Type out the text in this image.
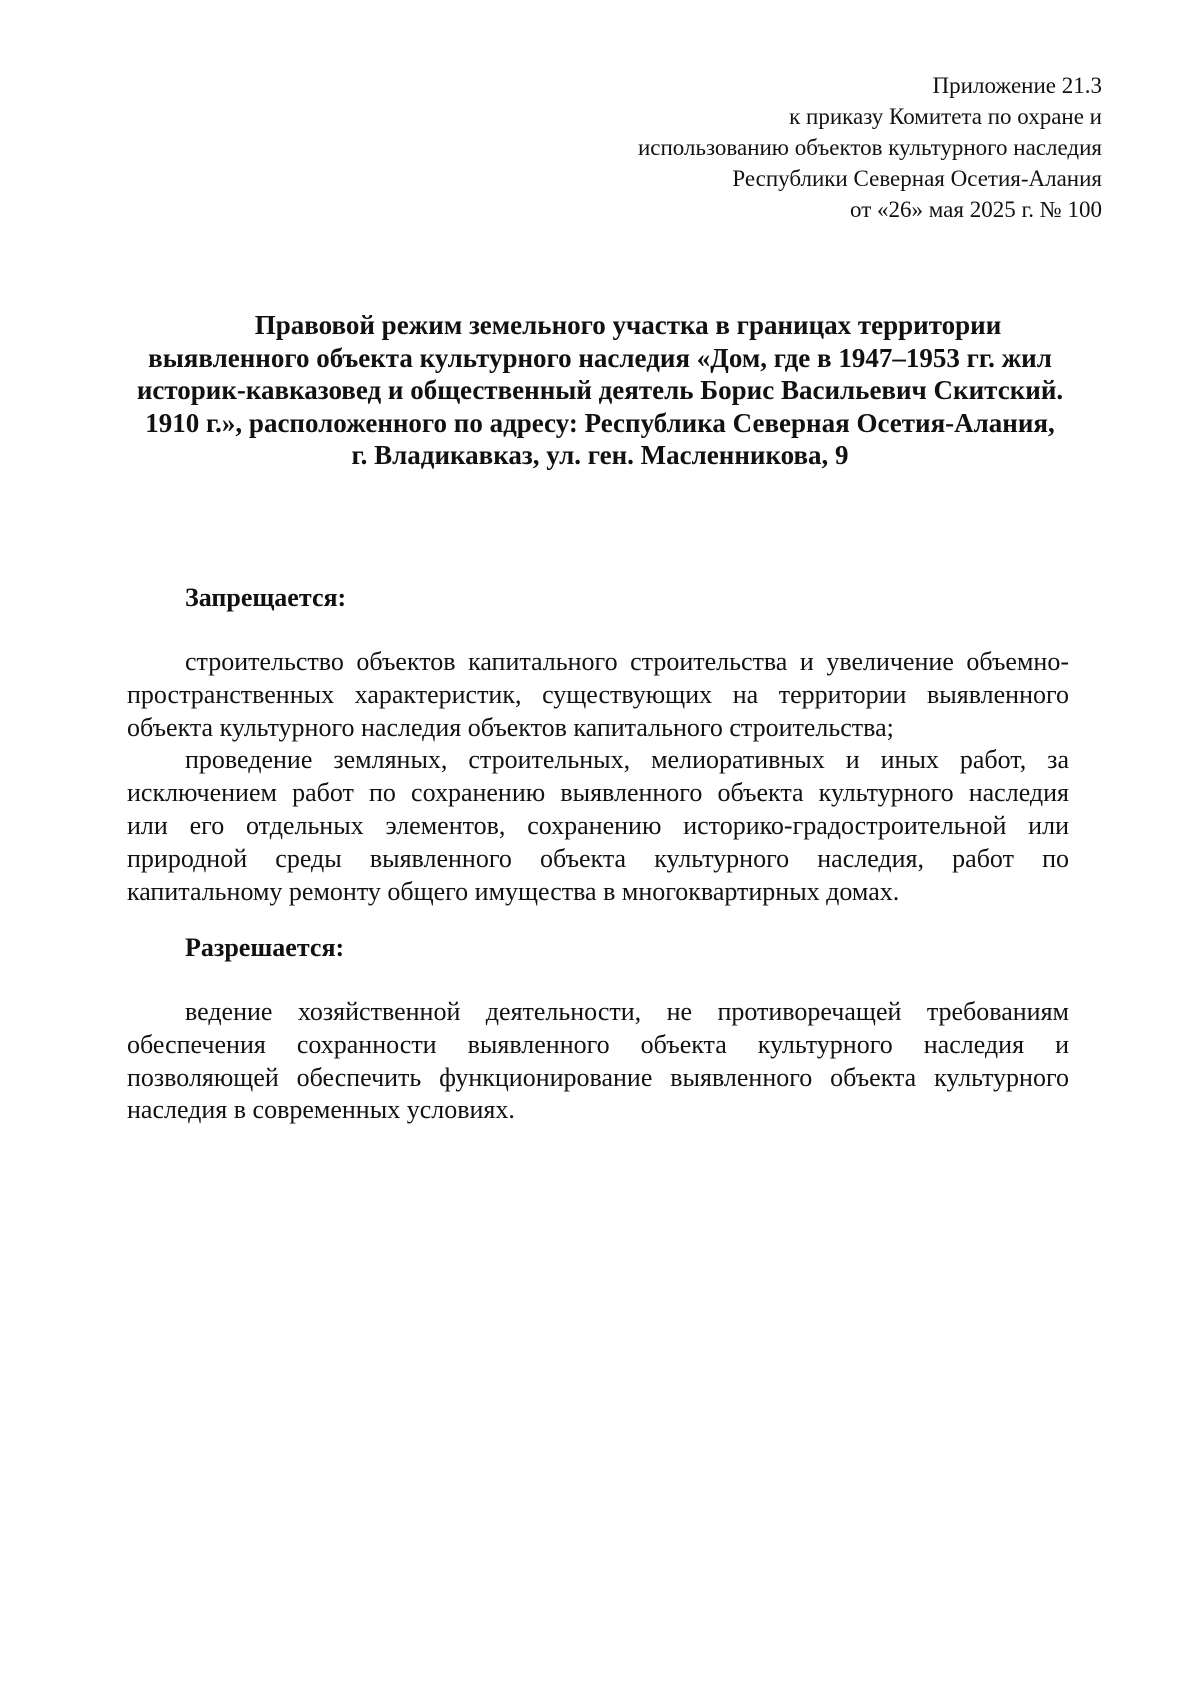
Приложение 21.3
к приказу Комитета по охране и
использованию объектов культурного наследия
Республики Северная Осетия-Алания
от «26» мая 2025 г. № 100
Правовой режим земельного участка в границах территории
выявленного объекта культурного наследия «Дом, где в 1947–1953 гг. жил
историк-кавказовед и общественный деятель Борис Васильевич Скитский.
1910 г.», расположенного по адресу: Республика Северная Осетия-Алания,
г. Владикавказ, ул. ген. Масленникова, 9
Запрещается:
строительство объектов капитального строительства и увеличение объемно-
пространственных характеристик, существующих на территории выявленного
объекта культурного наследия объектов капитального строительства;
проведение земляных, строительных, мелиоративных и иных работ, за
исключением работ по сохранению выявленного объекта культурного наследия
или его отдельных элементов, сохранению историко-градостроительной или
природной среды выявленного объекта культурного наследия, работ по
капитальному ремонту общего имущества в многоквартирных домах.
Разрешается:
ведение хозяйственной деятельности, не противоречащей требованиям
обеспечения сохранности выявленного объекта культурного наследия и
позволяющей обеспечить функционирование выявленного объекта культурного
наследия в современных условиях.
